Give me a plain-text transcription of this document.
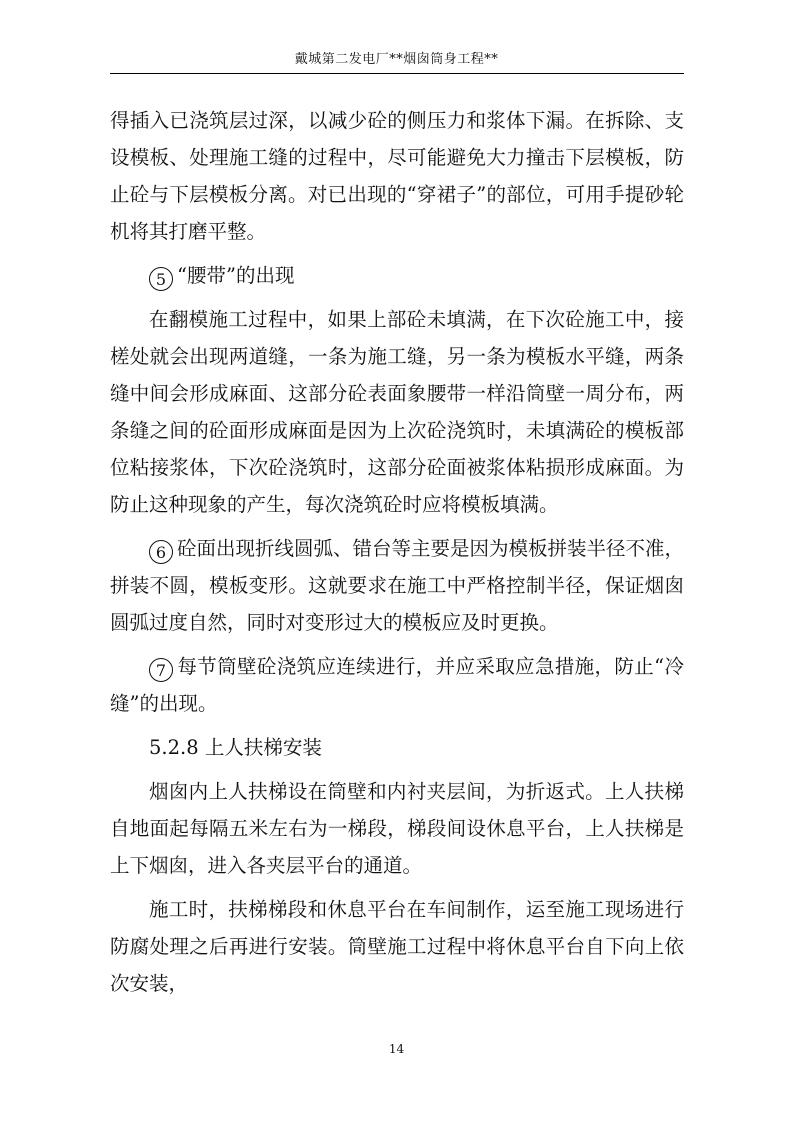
戴城第二发电厂**烟囱筒身工程**

得插入已浇筑层过深，以减少砼的侧压力和浆体下漏。在拆除、支设模板、处理施工缝的过程中，尽可能避免大力撞击下层模板，防止砼与下层模板分离。对已出现的“穿裙子”的部位，可用手提砂轮机将其打磨平整。

5 “腰带”的出现

在翻模施工过程中，如果上部砼未填满，在下次砼施工中，接槎处就会出现两道缝，一条为施工缝，另一条为模板水平缝，两条缝中间会形成麻面、这部分砼表面象腰带一样沿筒壁一周分布，两条缝之间的砼面形成麻面是因为上次砼浇筑时，未填满砼的模板部位粘接浆体，下次砼浇筑时，这部分砼面被浆体粘损形成麻面。为防止这种现象的产生，每次浇筑砼时应将模板填满。

6 砼面出现折线圆弧、错台等主要是因为模板拼装半径不准，拼装不圆，模板变形。这就要求在施工中严格控制半径，保证烟囱圆弧过度自然，同时对变形过大的模板应及时更换。

7 每节筒壁砼浇筑应连续进行，并应采取应急措施，防止“冷缝”的出现。

5.2.8 上人扶梯安装

烟囱内上人扶梯设在筒壁和内衬夹层间，为折返式。上人扶梯自地面起每隔五米左右为一梯段，梯段间设休息平台，上人扶梯是上下烟囱，进入各夹层平台的通道。

施工时，扶梯梯段和休息平台在车间制作，运至施工现场进行防腐处理之后再进行安装。筒壁施工过程中将休息平台自下向上依次安装，

14
